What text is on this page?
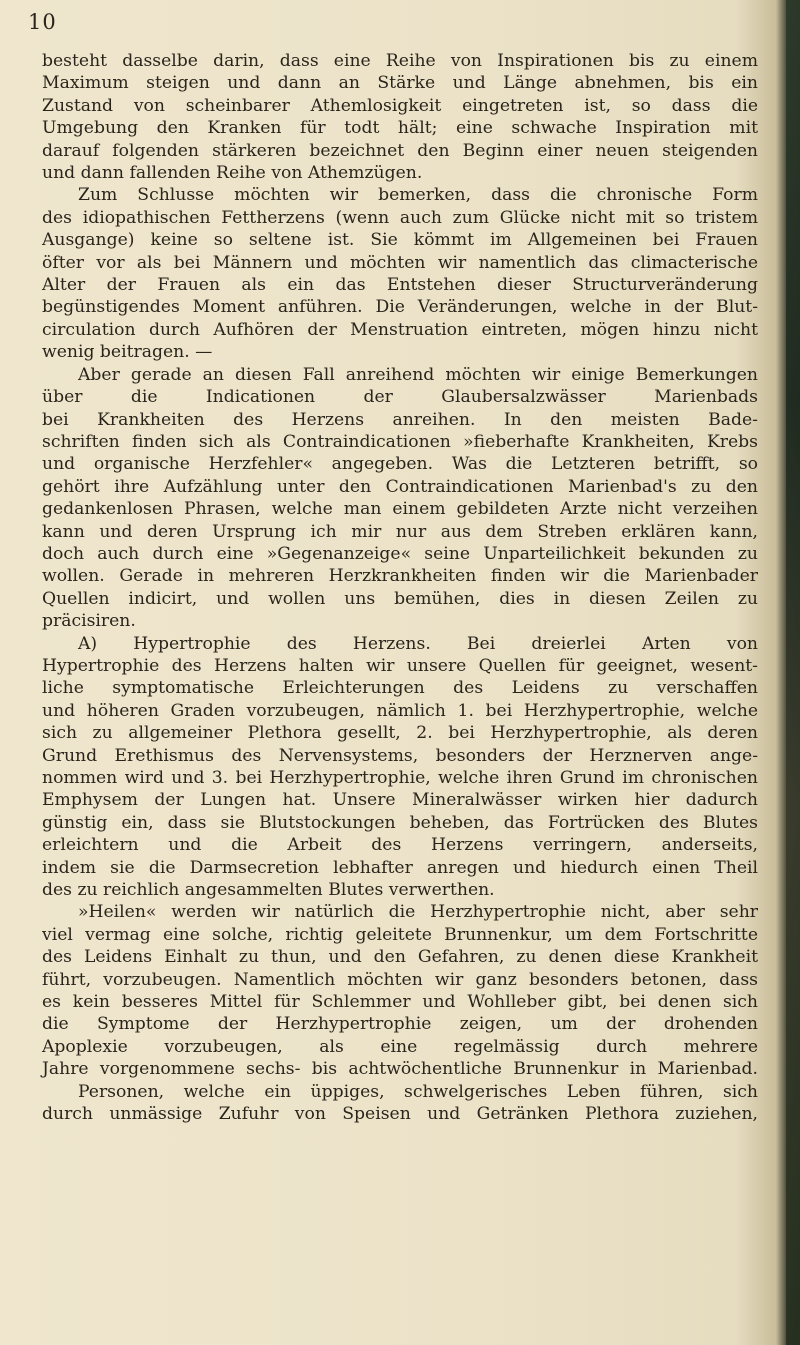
10
besteht dasselbe darin, dass eine Reihe von Inspirationen bis zu einem
Maximum steigen und dann an Stärke und Länge abnehmen, bis ein
Zustand von scheinbarer Athemlosigkeit eingetreten ist, so dass die
Umgebung den Kranken für todt hält; eine schwache Inspiration mit
darauf folgenden stärkeren bezeichnet den Beginn einer neuen steigenden
und dann fallenden Reihe von Athemzügen.
Zum Schlusse möchten wir bemerken, dass die chronische Form
des idiopathischen Fettherzens (wenn auch zum Glücke nicht mit so tristem
Ausgange) keine so seltene ist. Sie kömmt im Allgemeinen bei Frauen
öfter vor als bei Männern und möchten wir namentlich das climacterische
Alter der Frauen als ein das Entstehen dieser Structurveränderung
begünstigendes Moment anführen. Die Veränderungen, welche in der Blut-
circulation durch Aufhören der Menstruation eintreten, mögen hinzu nicht
wenig beitragen. —
Aber gerade an diesen Fall anreihend möchten wir einige Bemerkungen
über die Indicationen der Glaubersalzwässer Marienbads
bei Krankheiten des Herzens anreihen. In den meisten Bade-
schriften finden sich als Contraindicationen »fieberhafte Krankheiten, Krebs
und organische Herzfehler« angegeben. Was die Letzteren betrifft, so
gehört ihre Aufzählung unter den Contraindicationen Marienbad's zu den
gedankenlosen Phrasen, welche man einem gebildeten Arzte nicht verzeihen
kann und deren Ursprung ich mir nur aus dem Streben erklären kann,
doch auch durch eine »Gegenanzeige« seine Unparteilichkeit bekunden zu
wollen. Gerade in mehreren Herzkrankheiten finden wir die Marienbader
Quellen indicirt, und wollen uns bemühen, dies in diesen Zeilen zu
präcisiren.
A) Hypertrophie des Herzens. Bei dreierlei Arten von
Hypertrophie des Herzens halten wir unsere Quellen für geeignet, wesent-
liche symptomatische Erleichterungen des Leidens zu verschaffen
und höheren Graden vorzubeugen, nämlich 1. bei Herzhypertrophie, welche
sich zu allgemeiner Plethora gesellt, 2. bei Herzhypertrophie, als deren
Grund Erethismus des Nervensystems, besonders der Herznerven ange-
nommen wird und 3. bei Herzhypertrophie, welche ihren Grund im chronischen
Emphysem der Lungen hat. Unsere Mineralwässer wirken hier dadurch
günstig ein, dass sie Blutstockungen beheben, das Fortrücken des Blutes
erleichtern und die Arbeit des Herzens verringern, anderseits,
indem sie die Darmsecretion lebhafter anregen und hiedurch einen Theil
des zu reichlich angesammelten Blutes verwerthen.
»Heilen« werden wir natürlich die Herzhypertrophie nicht, aber sehr
viel vermag eine solche, richtig geleitete Brunnenkur, um dem Fortschritte
des Leidens Einhalt zu thun, und den Gefahren, zu denen diese Krankheit
führt, vorzubeugen. Namentlich möchten wir ganz besonders betonen, dass
es kein besseres Mittel für Schlemmer und Wohlleber gibt, bei denen sich
die Symptome der Herzhypertrophie zeigen, um der drohenden
Apoplexie vorzubeugen, als eine regelmässig durch mehrere
Jahre vorgenommene sechs- bis achtwöchentliche Brunnenkur in Marienbad.
Personen, welche ein üppiges, schwelgerisches Leben führen, sich
durch unmässige Zufuhr von Speisen und Getränken Plethora zuziehen,
